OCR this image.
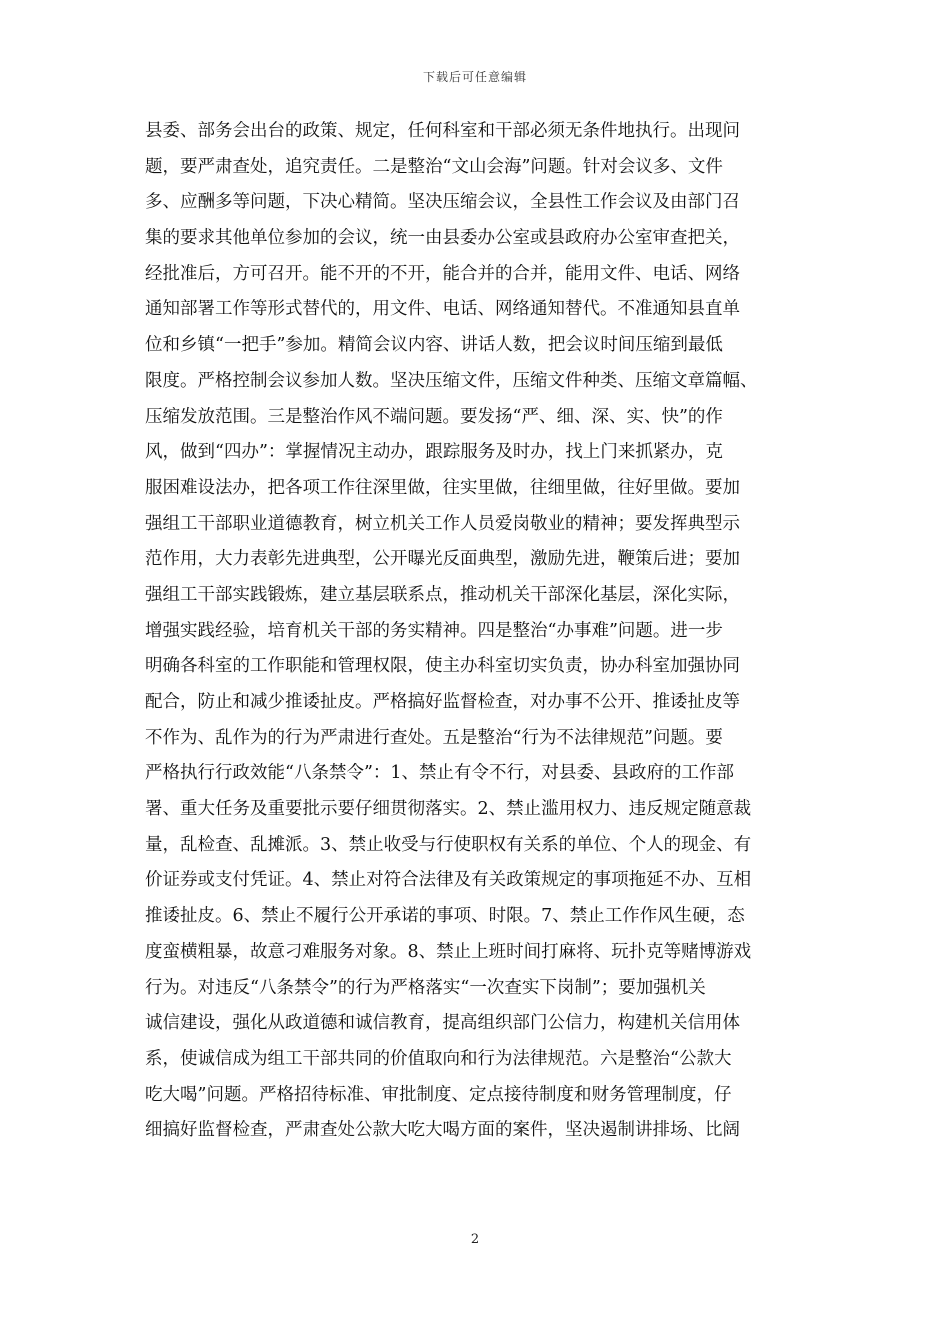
下载后可任意编辑
县委、部务会出台的政策、规定，任何科室和干部必须无条件地执行。出现问
题，要严肃查处，追究责任。二是整治“文山会海”问题。针对会议多、文件
多、应酬多等问题，下决心精简。坚决压缩会议，全县性工作会议及由部门召
集的要求其他单位参加的会议，统一由县委办公室或县政府办公室审查把关，
经批准后，方可召开。能不开的不开，能合并的合并，能用文件、电话、网络
通知部署工作等形式替代的，用文件、电话、网络通知替代。不准通知县直单
位和乡镇“一把手”参加。精简会议内容、讲话人数，把会议时间压缩到最低
限度。严格控制会议参加人数。坚决压缩文件，压缩文件种类、压缩文章篇幅、
压缩发放范围。三是整治作风不端问题。要发扬“严、细、深、实、快”的作
风，做到“四办”：掌握情况主动办，跟踪服务及时办，找上门来抓紧办，克
服困难设法办，把各项工作往深里做，往实里做，往细里做，往好里做。要加
强组工干部职业道德教育，树立机关工作人员爱岗敬业的精神；要发挥典型示
范作用，大力表彰先进典型，公开曝光反面典型，激励先进，鞭策后进；要加
强组工干部实践锻炼，建立基层联系点，推动机关干部深化基层，深化实际，
增强实践经验，培育机关干部的务实精神。四是整治“办事难”问题。进一步
明确各科室的工作职能和管理权限，使主办科室切实负责，协办科室加强协同
配合，防止和减少推诿扯皮。严格搞好监督检查，对办事不公开、推诿扯皮等
不作为、乱作为的行为严肃进行查处。五是整治“行为不法律规范”问题。要
严格执行行政效能“八条禁令”：1、禁止有令不行，对县委、县政府的工作部
署、重大任务及重要批示要仔细贯彻落实。2、禁止滥用权力、违反规定随意裁
量，乱检查、乱摊派。3、禁止收受与行使职权有关系的单位、个人的现金、有
价证券或支付凭证。4、禁止对符合法律及有关政策规定的事项拖延不办、互相
推诿扯皮。6、禁止不履行公开承诺的事项、时限。7、禁止工作作风生硬，态
度蛮横粗暴，故意刁难服务对象。8、禁止上班时间打麻将、玩扑克等赌博游戏
行为。对违反“八条禁令”的行为严格落实“一次查实下岗制”；要加强机关
诚信建设，强化从政道德和诚信教育，提高组织部门公信力，构建机关信用体
系，使诚信成为组工干部共同的价值取向和行为法律规范。六是整治“公款大
吃大喝”问题。严格招待标准、审批制度、定点接待制度和财务管理制度，仔
细搞好监督检查，严肃查处公款大吃大喝方面的案件，坚决遏制讲排场、比阔
2
